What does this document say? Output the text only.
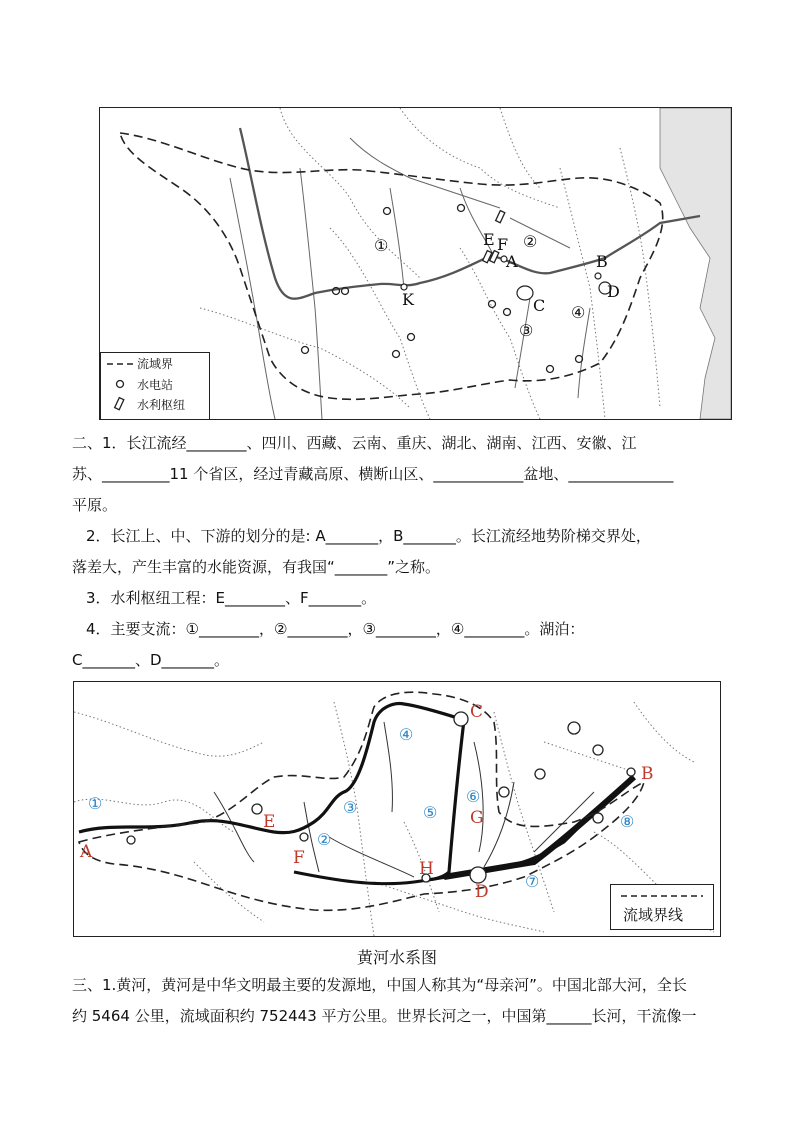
①	②
③
④
A	B
C
D
E F
K
流域界
水电站
水利枢纽
二、1．长江流经________、四川、西藏、云南、重庆、湖北、湖南、江西、安徽、江
苏、_________11 个省区，经过青藏高原、横断山区、____________盆地、______________
平原。
2．长江上、中、下游的划分的是: A_______，B_______。长江流经地势阶梯交界处，
落差大，产生丰富的水能资源，有我国“_______”之称。
3．水利枢纽工程：E________、F_______。
4．主要支流：①________，②________，③________，④________。湖泊：
C_______、D_______。
A
B
C
D
E
F
G
H
①
②
③
④
⑤
⑥
⑦
⑧
流域界线
黄河水系图
三、1.黄河，黄河是中华文明最主要的发源地，中国人称其为“母亲河”。中国北部大河，全长
约 5464 公里，流域面积约 752443 平方公里。世界长河之一，中国第______长河，干流像一
